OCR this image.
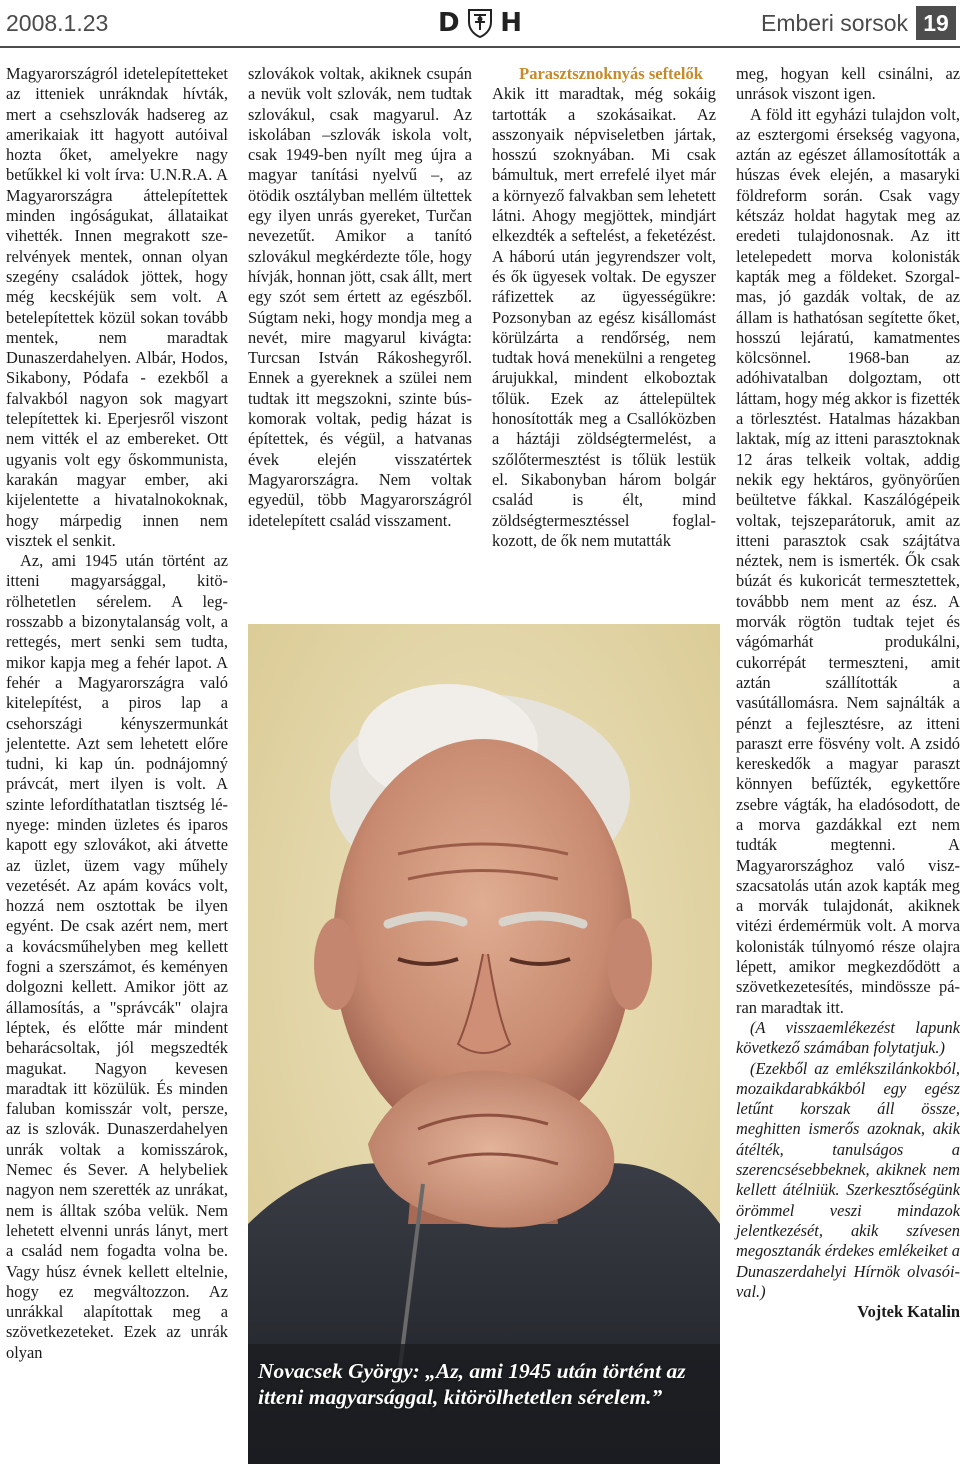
2008.1.23	D H	Emberi sorsok 19

Magyarországról idetelepítetteket az itteniek unrákndak hívták, mert a csehszlovák hadsereg az amerikaiak itt hagyott autóival hozta őket, amelyekre nagy betűkkel ki volt írva: U.N.R.A. A Magyarországra áttelepítettek minden ingóságukat, állataikat vihették. Innen megrakott szerelvények mentek, onnan olyan szegény családok jöttek, hogy még kecskéjük sem volt. A betelepítettek közül sokan tovább mentek, nem maradtak Dunaszerdahelyen. Albár, Hodos, Sikabony, Pódafa - ezekből a falvakból nagyon sok magyart telepítettek ki. Eperjesről viszont nem vitték el az embereket. Ott ugyanis volt egy őskommunista, karakán magyar ember, aki kijelentette a hivatalnokoknak, hogy márpedig innen nem visztek el senkit.

Az, ami 1945 után történt az itteni magyarsággal, kitörölhetetlen sérelem. A legrosszabb a bizonytalanság volt, a rettegés, mert senki sem tudta, mikor kapja meg a fehér lapot. A fehér a Magyarországra való kitelepítést, a piros lap a csehországi kényszermunkát jelentette. Azt sem lehetett előre tudni, ki kap ún. podnájomný právcát, mert ilyen is volt. A szinte lefordíthatatlan tisztség lényege: minden üzletes és iparos kapott egy szlovákot, aki átvette az üzlet, üzem vagy műhely vezetését. Az apám kovács volt, hozzá nem osztottak be ilyen egyént. De csak azért nem, mert a kovácsműhelyben meg kellett fogni a szerszámot, és keményen dolgozni kellett. Amikor jött az államosítás, a "správcák" olajra léptek, és előtte már mindent beharácsoltak, jól megszedték magukat. Nagyon kevesen maradtak itt közülük. És minden faluban komisszár volt, persze, az is szlovák. Dunaszerdahelyen unrák voltak a komisszárok, Nemec és Sever. A helybeliek nagyon nem szerették az unrákat, nem is álltak szóba velük. Nem lehetett elvenni unrás lányt, mert a család nem fogadta volna be. Vagy húsz évnek kellett eltelnie, hogy ez megváltozzon. Az unrákkal alapítottak meg a szövetkezeteket. Ezek az unrák olyan

szlovákok voltak, akiknek csupán a nevük volt szlovák, nem tudtak szlovákul, csak magyarul. Az iskolában –szlovák iskola volt, csak 1949-ben nyílt meg újra a magyar tanítási nyelvű –, az ötödik osztályban mellém ültettek egy ilyen unrás gyereket, Turčan nevezetűt. Amikor a tanító szlovákul megkérdezte tőle, hogy hívják, honnan jött, csak állt, mert egy szót sem értett az egészből. Súgtam neki, hogy mondja meg a nevét, mire magyarul kivágta: Turcsan István Rákoshegyről. Ennek a gyereknek a szülei nem tudtak itt megszokni, szinte búskomorak voltak, pedig házat is építettek, és végül, a hatvanas évek elején visszatértek Magyarországra. Nem voltak egyedül, több Magyarországról idetelepített család visszament.

Parasztsznoknyás seftelők

Akik itt maradtak, még sokáig tartották a szokásaikat. Az asszonyaik népviseletben jártak, hosszú szoknyában. Mi csak bámultuk, mert errefelé ilyet már a környező falvakban sem lehetett látni. Ahogy megjöttek, mindjárt elkezdték a seftelést, a feketézést. A háború után jegyrendszer volt, és ők ügyesek voltak. De egyszer ráfizettek az ügyességükre: Pozsonyban az egész kisállomást körülzárta a rendőrség, nem tudtak hová menekülni a rengeteg árujukkal, mindent elkoboztak tőlük. Ezek az áttelepültek honosították meg a Csallóközben a háztáji zöldségtermelést, a szőlőtermesztést is tőlük lestük el. Sikabonyban három bolgár család is élt, mind zöldségtermesztéssel foglalkozott, de ők nem mutatták

meg, hogyan kell csinálni, az unrások viszont igen.

A föld itt egyházi tulajdon volt, az esztergomi érsekség vagyona, aztán az egészet államosították a húszas évek elején, a masaryki földreform során. Csak vagy kétszáz holdat hagytak meg az eredeti tulajdonosnak. Az itt letelepedett morva kolonisták kapták meg a földeket. Szorgalmas, jó gazdák voltak, de az állam is hathatósan segítette őket, hosszú lejáratú, kamatmentes kölcsönnel. 1968-ban az adóhivatalban dolgoztam, ott láttam, hogy még akkor is fizették a törlesztést. Hatalmas házakban laktak, míg az itteni parasztoknak 12 áras telkeik voltak, addig nekik egy hektáros, gyönyörűen beültetve fákkal. Kaszálógépeik voltak, tejszeparátoruk, amit az itteni parasztok csak szájtátva néztek, nem is ismerték. Ők csak búzát és kukoricát termesztettek, továbbb nem ment az ész. A morvák rögtön tudtak tejet és vágómarhát produkálni, cukorrépát termeszteni, amit aztán szállították a vasútállomásra. Nem sajnálták a pénzt a fejlesztésre, az itteni paraszt erre fösvény volt. A zsidó kereskedők a magyar paraszt könnyen befűzték, egykettőre zsebre vágták, ha eladósodott, de a morva gazdákkal ezt nem tudták megtenni. A Magyarországhoz való viszszacsatolás után azok kapták meg a morvák tulajdonát, akiknek vitézi érdemérmük volt. A morva kolonisták túlnyomó része olajra lépett, amikor megkezdődött a szövetkezetesítés, mindössze páran maradtak itt.

(A visszaemlékezést lapunk következő számában folytatjuk.)

(Ezekből az emlékszilánkokból, mozaikdarabkákból egy egész letűnt korszak áll össze, meghitten ismerős azoknak, akik átélték, tanulságos a szerencsésebbeknek, akiknek nem kellett átélniük. Szerkesztőségünk örömmel veszi mindazok jelentkezését, akik szívesen megosztanák érdekes emlékeiket a Dunaszerdahelyi Hírnök olvasóival.)

Vojtek Katalin

Novacsek György: „Az, ami 1945 után történt az itteni magyarsággal, kitörölhetetlen sérelem.”
